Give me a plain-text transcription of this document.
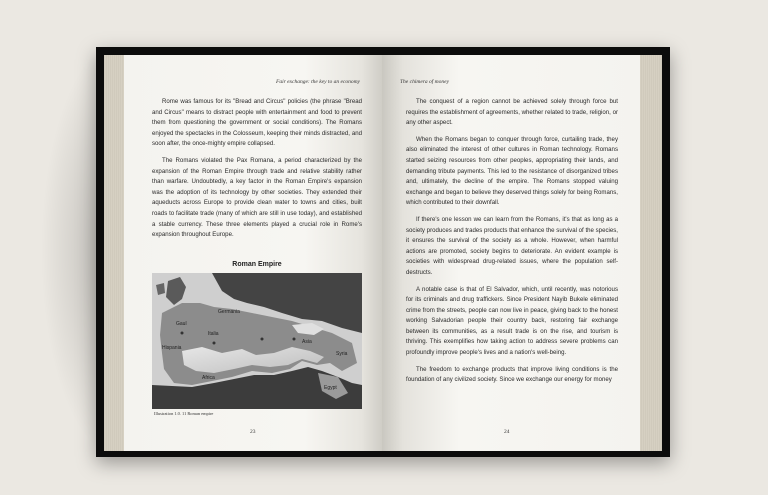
Fair exchange: the key to an economy

Rome was famous for its "Bread and Circus" policies (the phrase "Bread and Circus" means to distract people with entertainment and food to prevent them from questioning the government or social conditions). The Romans enjoyed the spectacles in the Colosseum, keeping their minds distracted, and soon after, the once-mighty empire collapsed.

The Romans violated the Pax Romana, a period characterized by the expansion of the Roman Empire through trade and relative stability rather than warfare. Undoubtedly, a key factor in the Roman Empire's expansion was the adoption of its technology by other societies. They extended their aqueducts across Europe to provide clean water to towns and cities, built roads to facilitate trade (many of which are still in use today), and established a stable currency. These three elements played a crucial role in Rome's expansion throughout Europe.

Roman Empire
Gaul
Italia
Germania
Hispania
Africa
Egypt
Asia
Syria
Illustration 1.0. 11 Roman empire
23
The chimera of money

The conquest of a region cannot be achieved solely through force but requires the establishment of agreements, whether related to trade, religion, or any other aspect.

When the Romans began to conquer through force, curtailing trade, they also eliminated the interest of other cultures in Roman technology. Romans started seizing resources from other peoples, appropriating their lands, and demanding tribute payments. This led to the resistance of disorganized tribes and, ultimately, the decline of the empire. The Romans stopped valuing exchange and began to believe they deserved things solely for being Romans, which contributed to their downfall.

If there's one lesson we can learn from the Romans, it's that as long as a society produces and trades products that enhance the survival of the species, it ensures the survival of the society as a whole. However, when harmful actions are promoted, society begins to deteriorate. An evident example is societies with widespread drug-related issues, where the population self-destructs.

A notable case is that of El Salvador, which, until recently, was notorious for its criminals and drug traffickers. Since President Nayib Bukele eliminated crime from the streets, people can now live in peace, giving back to the honest working Salvadorian people their country back, restoring fair exchange between its communities, as a result trade is on the rise, and tourism is thriving. This exemplifies how taking action to address severe problems can profoundly improve people's lives and a nation's well-being.

The freedom to exchange products that improve living conditions is the foundation of any civilized society. Since we exchange our energy for money

24
